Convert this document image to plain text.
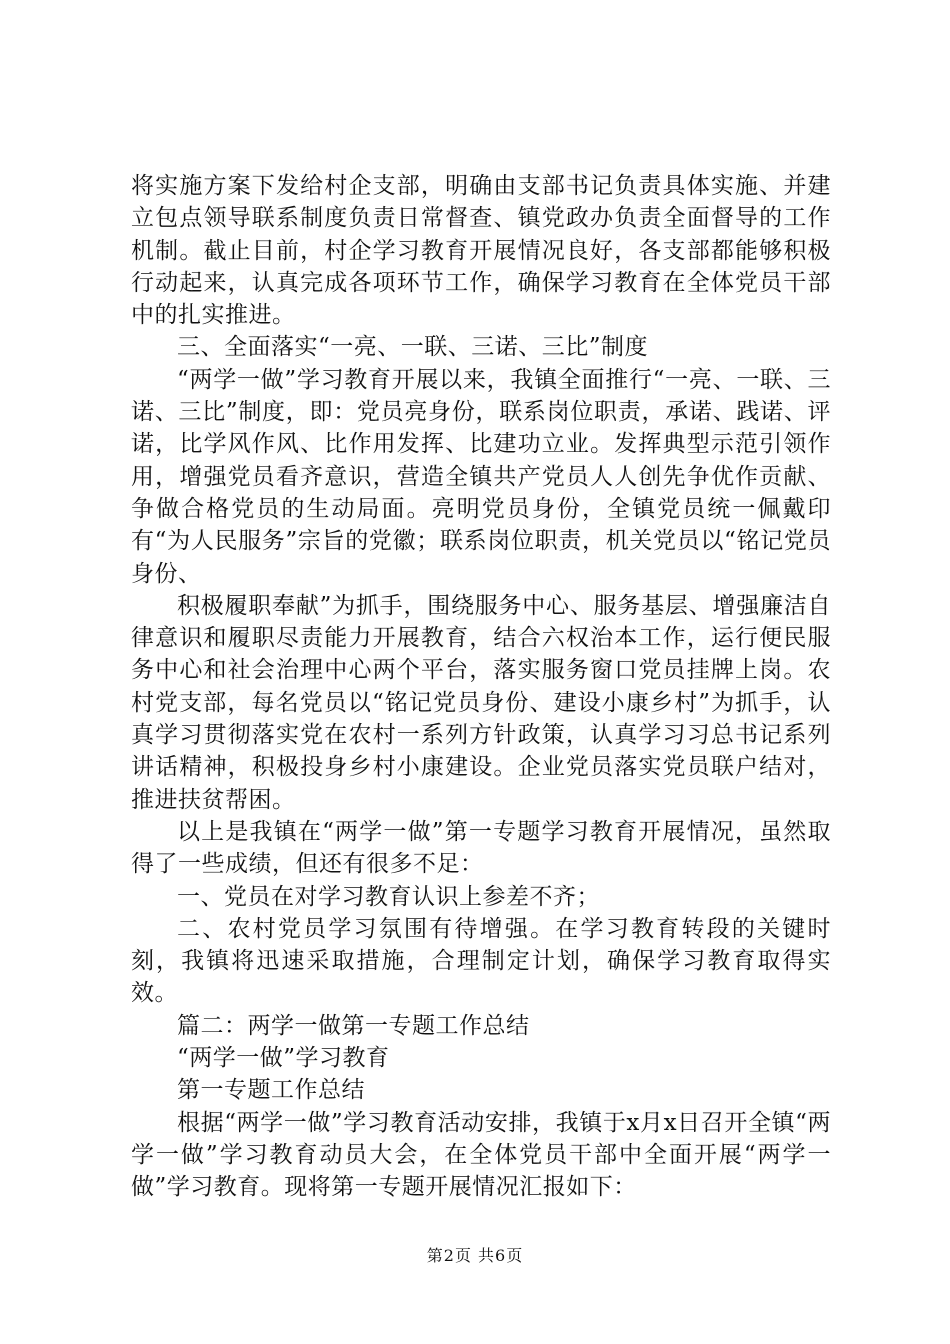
将实施方案下发给村企支部，明确由支部书记负责具体实施、并建立包点领导联系制度负责日常督查、镇党政办负责全面督导的工作机制。截止目前，村企学习教育开展情况良好，各支部都能够积极行动起来，认真完成各项环节工作，确保学习教育在全体党员干部中的扎实推进。

三、全面落实“一亮、一联、三诺、三比”制度

“两学一做”学习教育开展以来，我镇全面推行“一亮、一联、三诺、三比”制度，即：党员亮身份，联系岗位职责，承诺、践诺、评诺，比学风作风、比作用发挥、比建功立业。发挥典型示范引领作用，增强党员看齐意识，营造全镇共产党员人人创先争优作贡献、争做合格党员的生动局面。亮明党员身份，全镇党员统一佩戴印有“为人民服务”宗旨的党徽；联系岗位职责，机关党员以“铭记党员身份、

积极履职奉献”为抓手，围绕服务中心、服务基层、增强廉洁自律意识和履职尽责能力开展教育，结合六权治本工作，运行便民服务中心和社会治理中心两个平台，落实服务窗口党员挂牌上岗。农村党支部，每名党员以“铭记党员身份、建设小康乡村”为抓手，认真学习贯彻落实党在农村一系列方针政策，认真学习习总书记系列讲话精神，积极投身乡村小康建设。企业党员落实党员联户结对，推进扶贫帮困。

以上是我镇在“两学一做”第一专题学习教育开展情况，虽然取得了一些成绩，但还有很多不足：

一、党员在对学习教育认识上参差不齐；

二、农村党员学习氛围有待增强。在学习教育转段的关键时刻，我镇将迅速采取措施，合理制定计划，确保学习教育取得实效。

篇二：两学一做第一专题工作总结

“两学一做”学习教育

第一专题工作总结

根据“两学一做”学习教育活动安排，我镇于x月x日召开全镇“两学一做”学习教育动员大会，在全体党员干部中全面开展“两学一做”学习教育。现将第一专题开展情况汇报如下：

第2页 共6页
